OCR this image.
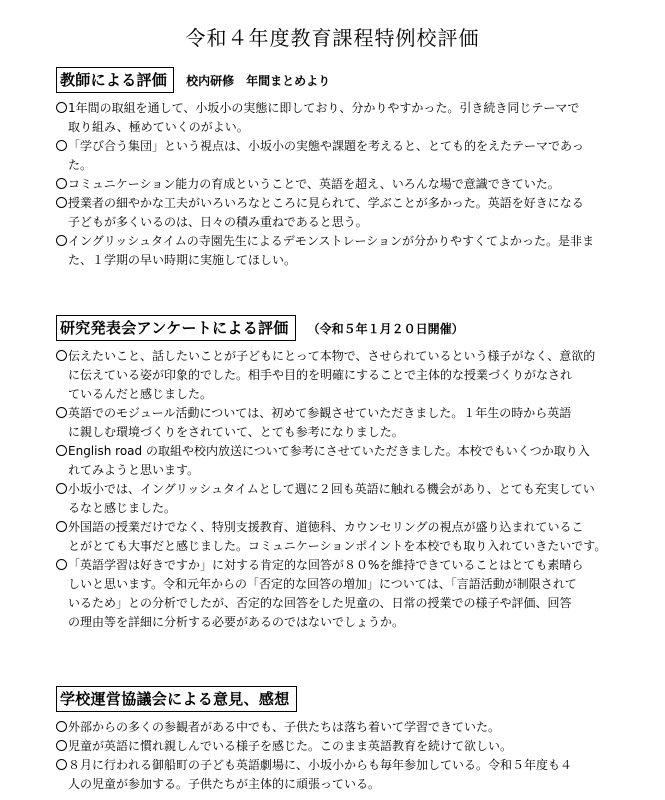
令和４年度教育課程特例校評価
教師による評価	校内研修　年間まとめより
1年間の取組を通して、小坂小の実態に即しており、分かりやすかった。引き続き同じテーマで
取り組み、極めていくのがよい。
「学び合う集団」という視点は、小坂小の実態や課題を考えると、とても的をえたテーマであっ
た。
コミュニケーション能力の育成ということで、英語を超え、いろんな場で意識できていた。
授業者の細やかな工夫がいろいろなところに見られて、学ぶことが多かった。英語を好きになる
子どもが多くいるのは、日々の積み重ねであると思う。
イングリッシュタイムの寺園先生によるデモンストレーションが分かりやすくてよかった。是非ま
た、１学期の早い時期に実施してほしい。
研究発表会アンケートによる評価	（令和５年１月２０日開催）
伝えたいこと、話したいことが子どもにとって本物で、させられているという様子がなく、意欲的
に伝えている姿が印象的でした。相手や目的を明確にすることで主体的な授業づくりがなされ
ているんだと感じました。
英語でのモジュール活動については、初めて参観させていただきました。１年生の時から英語
に親しむ環境づくりをされていて、とても参考になりました。
English road の取組や校内放送について参考にさせていただきました。本校でもいくつか取り入
れてみようと思います。
小坂小では、イングリッシュタイムとして週に２回も英語に触れる機会があり、とても充実してい
るなと感じました。
外国語の授業だけでなく、特別支援教育、道徳科、カウンセリングの視点が盛り込まれているこ
とがとても大事だと感じました。コミュニケーションポイントを本校でも取り入れていきたいです。
「英語学習は好きですか」に対する肯定的な回答が８０%を維持できていることはとても素晴ら
しいと思います。令和元年からの「否定的な回答の増加」については、「言語活動が制限されて
いるため」との分析でしたが、否定的な回答をした児童の、日常の授業での様子や評価、回答
の理由等を詳細に分析する必要があるのではないでしょうか。
学校運営協議会による意見、感想
外部からの多くの参観者がある中でも、子供たちは落ち着いて学習できていた。
児童が英語に慣れ親しんでいる様子を感じた。このまま英語教育を続けて欲しい。
８月に行われる御船町の子ども英語劇場に、小坂小からも毎年参加している。令和５年度も４
人の児童が参加する。子供たちが主体的に頑張っている。
